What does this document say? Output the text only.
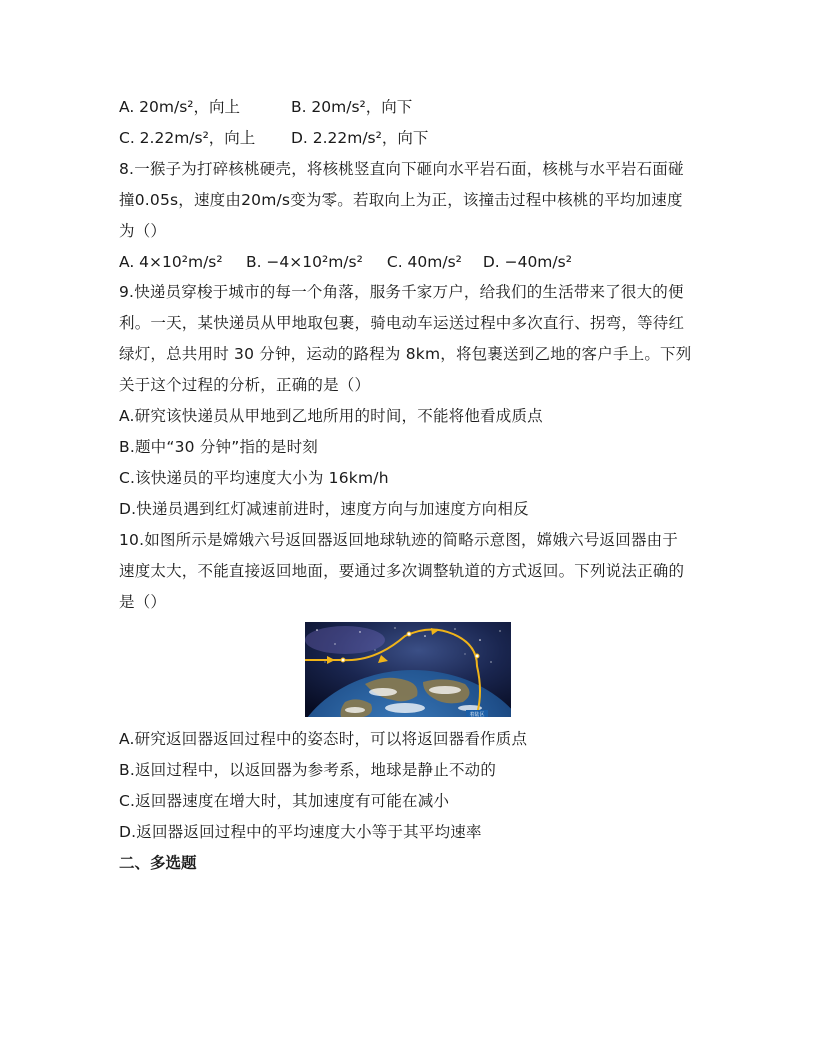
A. 20m/s²，向上	B. 20m/s²，向下
C. 2.22m/s²，向上 D. 2.22m/s²，向下
8.一猴子为打碎核桃硬壳，将核桃竖直向下砸向水平岩石面，核桃与水平岩石面碰
撞0.05s，速度由20m/s变为零。若取向上为正，该撞击过程中核桃的平均加速度
为（）
A. 4×10²m/s² B. −4×10²m/s² C. 40m/s² D. −40m/s²
9.快递员穿梭于城市的每一个角落，服务千家万户，给我们的生活带来了很大的便
利。一天，某快递员从甲地取包裹，骑电动车运送过程中多次直行、拐弯，等待红
绿灯，总共用时 30 分钟，运动的路程为 8km，将包裹送到乙地的客户手上。下列
关于这个过程的分析，正确的是（）
A.研究该快递员从甲地到乙地所用的时间，不能将他看成质点
B.题中“30 分钟”指的是时刻
C.该快递员的平均速度大小为 16km/h
D.快递员遇到红灯减速前进时，速度方向与加速度方向相反
10.如图所示是嫦娥六号返回器返回地球轨迹的简略示意图，嫦娥六号返回器由于
速度太大，不能直接返回地面，要通过多次调整轨道的方式返回。下列说法正确的
是（）
着陆区
A.研究返回器返回过程中的姿态时，可以将返回器看作质点
B.返回过程中，以返回器为参考系，地球是静止不动的
C.返回器速度在增大时，其加速度有可能在减小
D.返回器返回过程中的平均速度大小等于其平均速率
二、多选题
